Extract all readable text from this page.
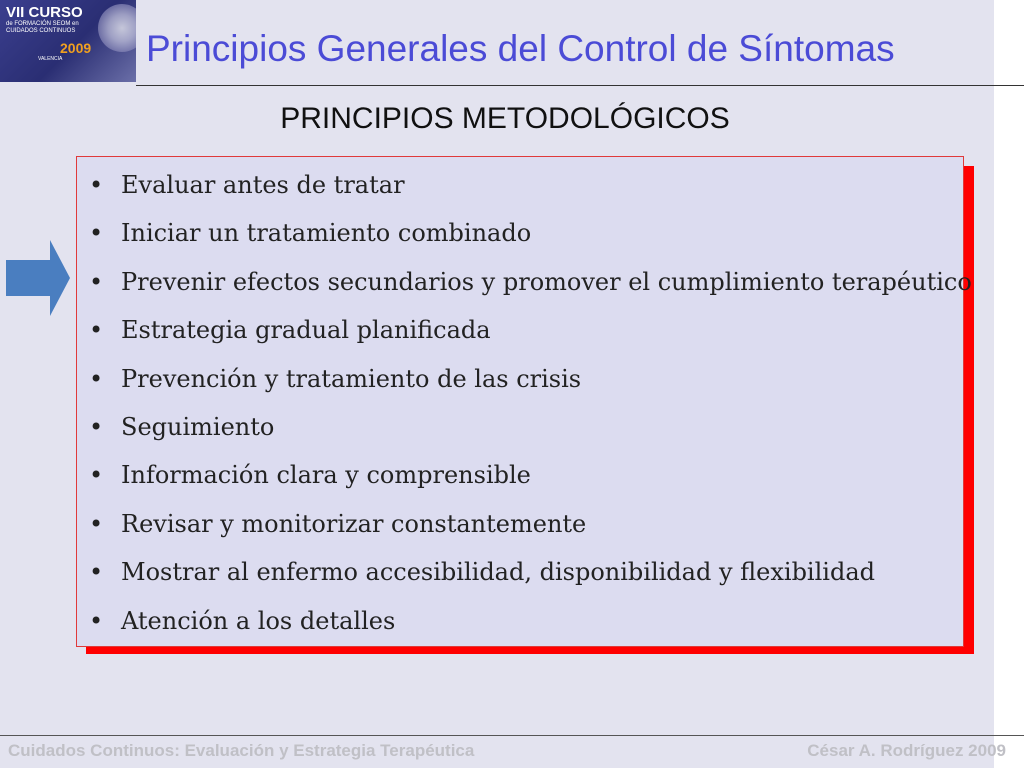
VII CURSO
de FORMACIÓN SEOM en CUIDADOS CONTINUOS
2009
VALENCIA	Principios Generales del Control de Síntomas
PRINCIPIOS METODOLÓGICOS
• Evaluar antes de tratar
• Iniciar un tratamiento combinado
• Prevenir efectos secundarios y promover el cumplimiento terapéutico
• Estrategia gradual planificada
• Prevención y tratamiento de las crisis
• Seguimiento
• Información clara y comprensible
• Revisar y monitorizar constantemente
• Mostrar al enfermo accesibilidad, disponibilidad y flexibilidad
• Atención a los detalles
Cuidados Continuos: Evaluación y Estrategia Terapéutica	César A. Rodríguez 2009
